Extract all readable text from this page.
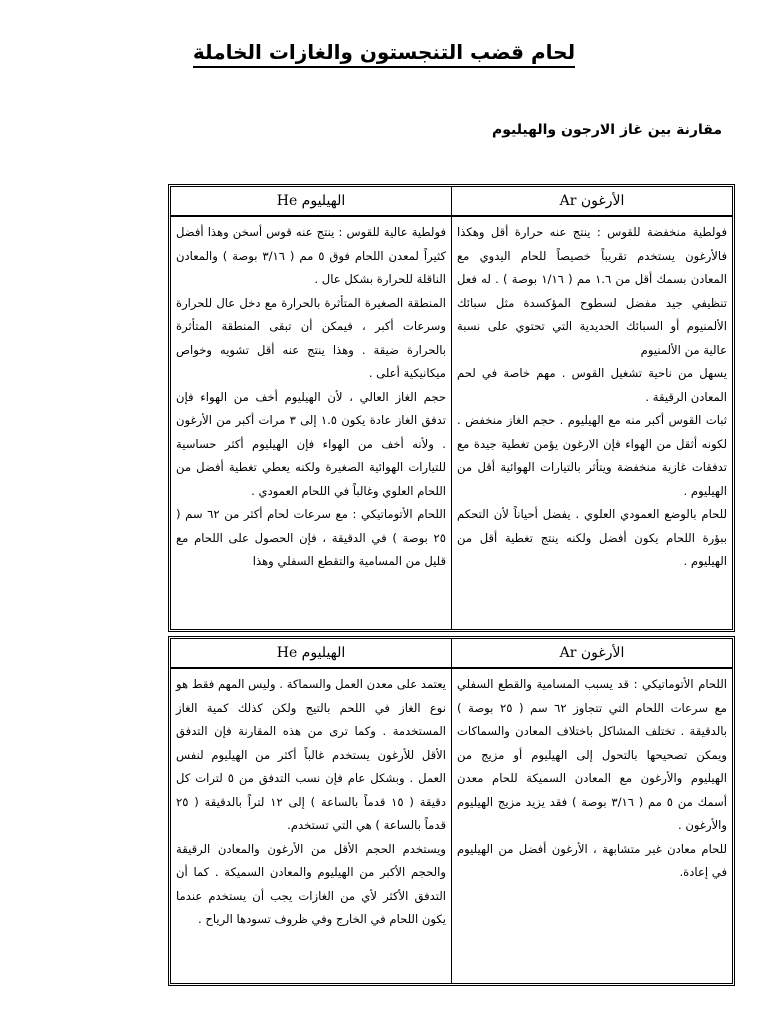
لحام قضب التنجستون والغازات الخاملة
مقارنة بين غاز الارجون والهيليوم
الأرغون Ar
الهيليوم He

فولطية منخفضة للقوس : ينتج عنه حرارة أقل وهكذا فالأرغون يستخدم تقريباً خصيصاً للحام اليدوي مع المعادن بسمك أقل من ١.٦ مم ( ١/١٦ بوصة ) . له فعل تنظيفي جيد مفضل لسطوح المؤكسدة مثل سبائك الألمنيوم أو السبائك الحديدية التي تحتوي على نسبة عالية من الألمنيوم

يسهل من ناحية تشغيل القوس . مهم خاصة في لحم المعادن الرقيقة .

ثبات القوس أكبر منه مع الهيليوم . حجم الغاز منخفض . لكونه أثقل من الهواء فإن الارغون يؤمن تغطية جيدة مع تدفقات غازية منخفضة ويتأثر بالتيارات الهوائية أقل من الهيليوم .

للحام بالوضع العمودي العلوي . يفضل أحياناً لأن التحكم ببؤرة اللحام يكون أفضل ولكنه ينتج تغطية أقل من الهيليوم .

فولطية عالية للقوس : ينتج عنه قوس أسخن وهذا أفضل كثيراً لمعدن اللحام فوق ٥ مم ( ٣/١٦ بوصة ) والمعادن الناقلة للحرارة بشكل عال .

المنطقة الصغيرة المتأثرة بالحرارة مع دخل عال للحرارة وسرعات أكبر ، فيمكن أن تبقى المنطقة المتأثرة بالحرارة ضيقة . وهذا ينتج عنه أقل تشويه وخواص ميكانيكية أعلى .

حجم الغاز العالي ، لأن الهيليوم أخف من الهواء فإن تدفق الغاز عادة يكون ١.٥ إلى ٣ مرات أكبر من الأرغون . ولأنه أخف من الهواء فإن الهيليوم أكثر حساسية للتيارات الهوائية الصغيرة ولكنه يعطي تغطية أفضل من اللحام العلوي وغالباً في اللحام العمودي .

اللحام الأتوماتيكي : مع سرعات لحام أكثر من ٦٢ سم ( ٢٥ بوصة ) في الدقيقة ، فإن الحصول على اللحام مع قليل من المسامية والتقطع السفلي وهذا

الأرغون Ar
الهيليوم He

اللحام الأتوماتيكي : قد يسبب المسامية والقطع السفلي مع سرعات اللحام التي تتجاوز ٦٢ سم ( ٢٥ بوصة ) بالدقيقة . تختلف المشاكل باختلاف المعادن والسماكات ويمكن تصحيحها بالتحول إلى الهيليوم أو مزيج من الهيليوم والأرغون مع المعادن السميكة للحام معدن أسمك من ٥ مم ( ٣/١٦ بوصة ) فقد يزيد مزيج الهيليوم والأرغون .

للحام معادن غير متشابهة ، الأرغون أفضل من الهيليوم في إعادة.

يعتمد على معدن العمل والسماكة . وليس المهم فقط هو نوع الغاز في اللحم بالتيج ولكن كذلك كمية الغاز المستخدمة . وكما ترى من هذه المقارنة فإن التدفق الأقل للأرغون يستخدم غالباً أكثر من الهيليوم لنفس العمل . وبشكل عام فإن نسب التدفق من ٥ لترات كل دقيقة ( ١٥ قدماً بالساعة ) إلى ١٢ لتراً بالدقيقة ( ٢٥ قدماً بالساعة ) هي التي تستخدم.

ويستخدم الحجم الأقل من الأرغون والمعادن الرقيقة والحجم الأكبر من الهيليوم والمعادن السميكة . كما أن التدفق الأكثر لأي من الغازات يجب أن يستخدم عندما يكون اللحام في الخارج وفي ظروف تسودها الرياح .
